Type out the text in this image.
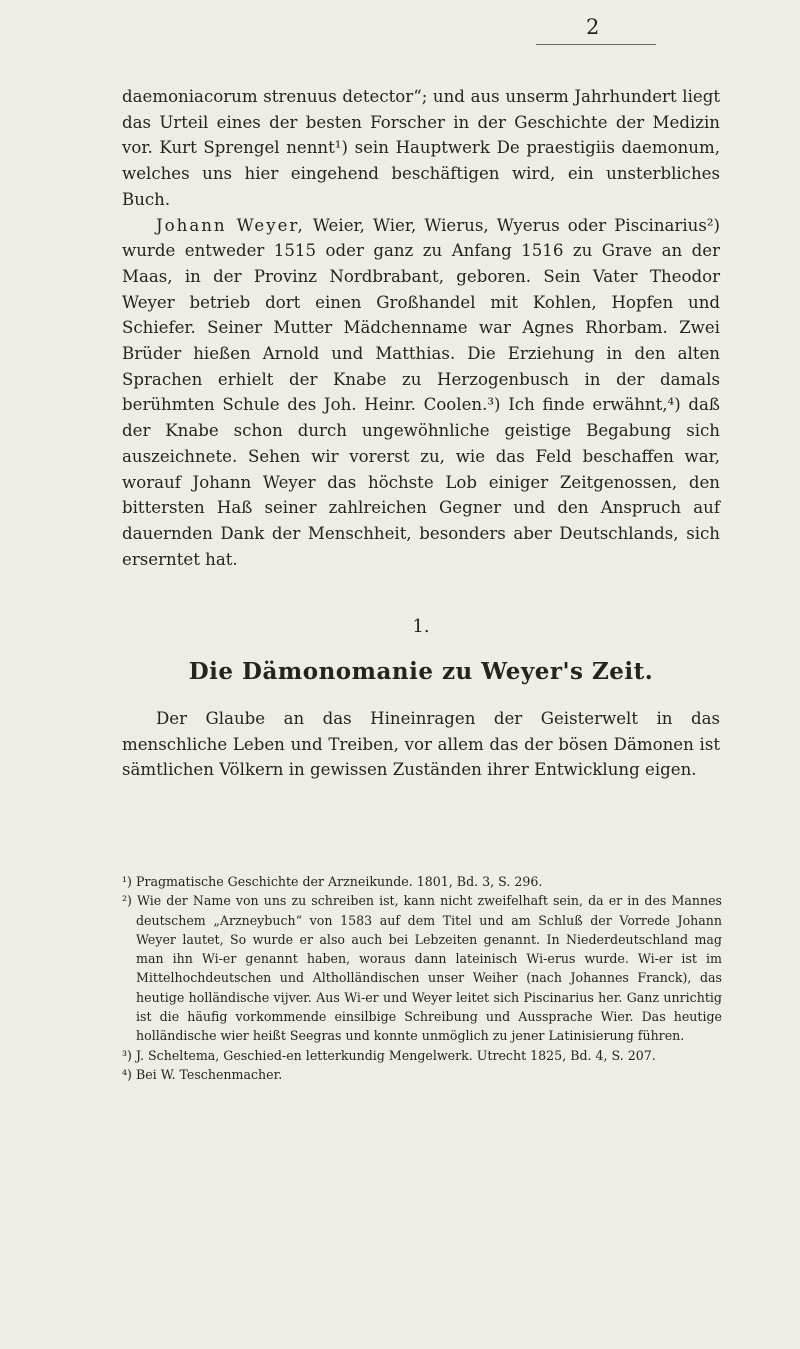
2

daemoniacorum strenuus detector“; und aus unserm Jahrhundert liegt das Urteil eines der besten Forscher in der Geschichte der Medizin vor. Kurt Sprengel nennt¹) sein Hauptwerk De praestigiis daemonum, welches uns hier eingehend beschäftigen wird, ein unsterbliches Buch.

Johann Weyer, Weier, Wier, Wierus, Wyerus oder Piscinarius²) wurde entweder 1515 oder ganz zu Anfang 1516 zu Grave an der Maas, in der Provinz Nordbrabant, geboren. Sein Vater Theodor Weyer betrieb dort einen Großhandel mit Kohlen, Hopfen und Schiefer. Seiner Mutter Mädchenname war Agnes Rhorbam. Zwei Brüder hießen Arnold und Matthias. Die Erziehung in den alten Sprachen erhielt der Knabe zu Herzogenbusch in der damals berühmten Schule des Joh. Heinr. Coolen.³) Ich finde erwähnt,⁴) daß der Knabe schon durch ungewöhnliche geistige Begabung sich auszeichnete. Sehen wir vorerst zu, wie das Feld beschaffen war, worauf Johann Weyer das höchste Lob einiger Zeitgenossen, den bittersten Haß seiner zahlreichen Gegner und den Anspruch auf dauernden Dank der Menschheit, besonders aber Deutschlands, sich erserntet hat.

1.
Die Dämonomanie zu Weyer's Zeit.

Der Glaube an das Hineinragen der Geisterwelt in das menschliche Leben und Treiben, vor allem das der bösen Dämonen ist sämtlichen Völkern in gewissen Zuständen ihrer Entwicklung eigen.

¹) Pragmatische Geschichte der Arzneikunde. 1801, Bd. 3, S. 296.

²) Wie der Name von uns zu schreiben ist, kann nicht zweifelhaft sein, da er in des Mannes deutschem „Arzneybuch“ von 1583 auf dem Titel und am Schluß der Vorrede Johann Weyer lautet, So wurde er also auch bei Lebzeiten genannt. In Niederdeutschland mag man ihn Wi-er genannt haben, woraus dann lateinisch Wi-erus wurde. Wi-er ist im Mittelhochdeutschen und Altholländischen unser Weiher (nach Johannes Franck), das heutige holländische vijver. Aus Wi-er und Weyer leitet sich Piscinarius her. Ganz unrichtig ist die häufig vorkommende einsilbige Schreibung und Aussprache Wier. Das heutige holländische wier heißt Seegras und konnte unmöglich zu jener Latinisierung führen.

³) J. Scheltema, Geschied-en letterkundig Mengelwerk. Utrecht 1825, Bd. 4, S. 207.

⁴) Bei W. Teschenmacher.
